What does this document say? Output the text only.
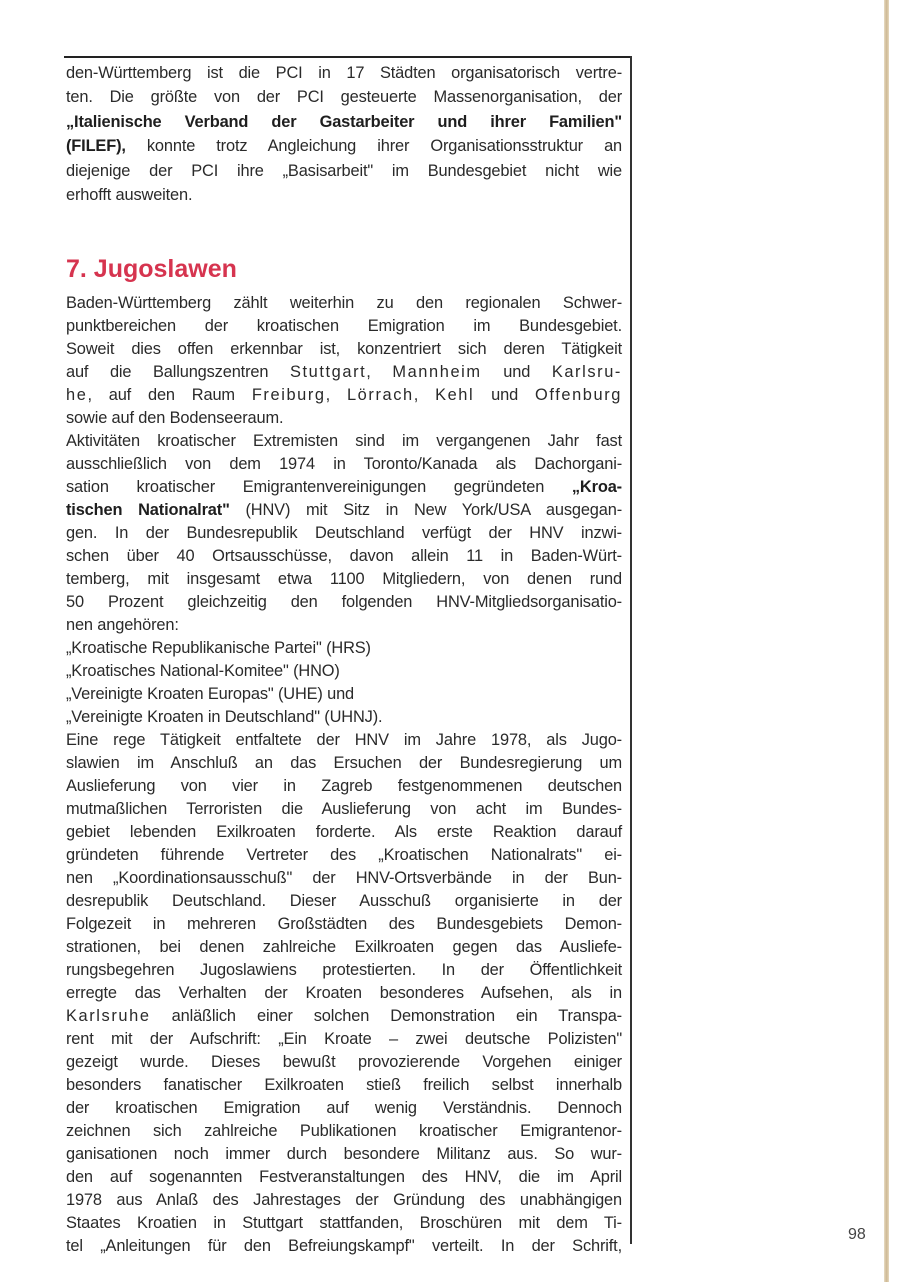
den-Württemberg ist die PCI in 17 Städten organisatorisch vertre-
ten. Die größte von der PCI gesteuerte Massenorganisation, der
„Italienische Verband der Gastarbeiter und ihrer Familien"
(FILEF), konnte trotz Angleichung ihrer Organisationsstruktur an
diejenige der PCI ihre „Basisarbeit" im Bundesgebiet nicht wie
erhofft ausweiten.
7. Jugoslawen
Baden-Württemberg zählt weiterhin zu den regionalen Schwer-
punktbereichen der kroatischen Emigration im Bundesgebiet.
Soweit dies offen erkennbar ist, konzentriert sich deren Tätigkeit
auf die Ballungszentren Stuttgart, Mannheim und Karlsru-
he, auf den Raum Freiburg, Lörrach, Kehl und Offenburg
sowie auf den Bodenseeraum.
Aktivitäten kroatischer Extremisten sind im vergangenen Jahr fast
ausschließlich von dem 1974 in Toronto/Kanada als Dachorgani-
sation kroatischer Emigrantenvereinigungen gegründeten „Kroa-
tischen Nationalrat" (HNV) mit Sitz in New York/USA ausgegan-
gen. In der Bundesrepublik Deutschland verfügt der HNV inzwi-
schen über 40 Ortsausschüsse, davon allein 11 in Baden-Würt-
temberg, mit insgesamt etwa 1100 Mitgliedern, von denen rund
50 Prozent gleichzeitig den folgenden HNV-Mitgliedsorganisatio-
nen angehören:
„Kroatische Republikanische Partei" (HRS)
„Kroatisches National-Komitee" (HNO)
„Vereinigte Kroaten Europas" (UHE) und
„Vereinigte Kroaten in Deutschland" (UHNJ).
Eine rege Tätigkeit entfaltete der HNV im Jahre 1978, als Jugo-
slawien im Anschluß an das Ersuchen der Bundesregierung um
Auslieferung von vier in Zagreb festgenommenen deutschen
mutmaßlichen Terroristen die Auslieferung von acht im Bundes-
gebiet lebenden Exilkroaten forderte. Als erste Reaktion darauf
gründeten führende Vertreter des „Kroatischen Nationalrats" ei-
nen „Koordinationsausschuß" der HNV-Ortsverbände in der Bun-
desrepublik Deutschland. Dieser Ausschuß organisierte in der
Folgezeit in mehreren Großstädten des Bundesgebiets Demon-
strationen, bei denen zahlreiche Exilkroaten gegen das Ausliefe-
rungsbegehren Jugoslawiens protestierten. In der Öffentlichkeit
erregte das Verhalten der Kroaten besonderes Aufsehen, als in
Karlsruhe anläßlich einer solchen Demonstration ein Transpa-
rent mit der Aufschrift: „Ein Kroate – zwei deutsche Polizisten"
gezeigt wurde. Dieses bewußt provozierende Vorgehen einiger
besonders fanatischer Exilkroaten stieß freilich selbst innerhalb
der kroatischen Emigration auf wenig Verständnis. Dennoch
zeichnen sich zahlreiche Publikationen kroatischer Emigrantenor-
ganisationen noch immer durch besondere Militanz aus. So wur-
den auf sogenannten Festveranstaltungen des HNV, die im April
1978 aus Anlaß des Jahrestages der Gründung des unabhängigen
Staates Kroatien in Stuttgart stattfanden, Broschüren mit dem Ti-
tel „Anleitungen für den Befreiungskampf" verteilt. In der Schrift,
98
